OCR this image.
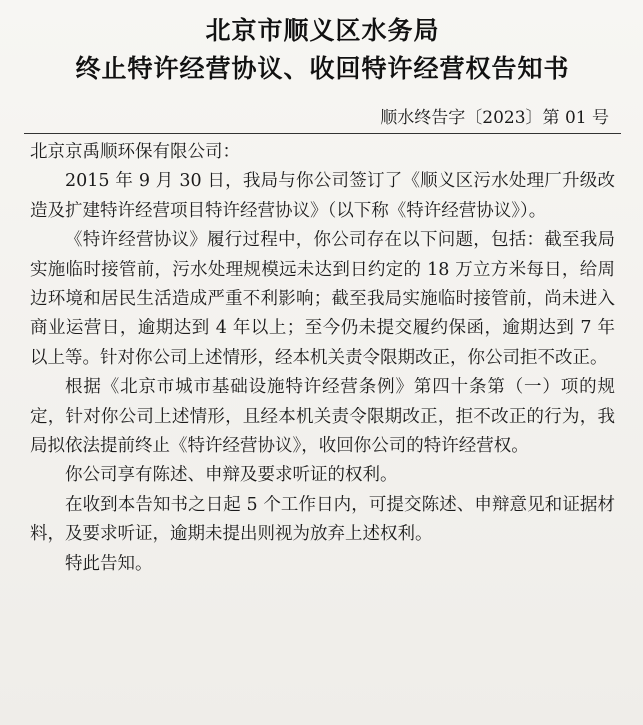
北京市顺义区水务局
终止特许经营协议、收回特许经营权告知书
顺水终告字〔2023〕第 01 号

北京京禹顺环保有限公司：

2015 年 9 月 30 日，我局与你公司签订了《顺义区污水处理厂升级改造及扩建特许经营项目特许经营协议》（以下称《特许经营协议》）。

《特许经营协议》履行过程中，你公司存在以下问题，包括：截至我局实施临时接管前，污水处理规模远未达到日约定的 18 万立方米每日，给周边环境和居民生活造成严重不利影响；截至我局实施临时接管前，尚未进入商业运营日，逾期达到 4 年以上；至今仍未提交履约保函，逾期达到 7 年以上等。针对你公司上述情形，经本机关责令限期改正，你公司拒不改正。

根据《北京市城市基础设施特许经营条例》第四十条第（一）项的规定，针对你公司上述情形，且经本机关责令限期改正，拒不改正的行为，我局拟依法提前终止《特许经营协议》，收回你公司的特许经营权。

你公司享有陈述、申辩及要求听证的权利。

在收到本告知书之日起 5 个工作日内，可提交陈述、申辩意见和证据材料，及要求听证，逾期未提出则视为放弃上述权利。

特此告知。
